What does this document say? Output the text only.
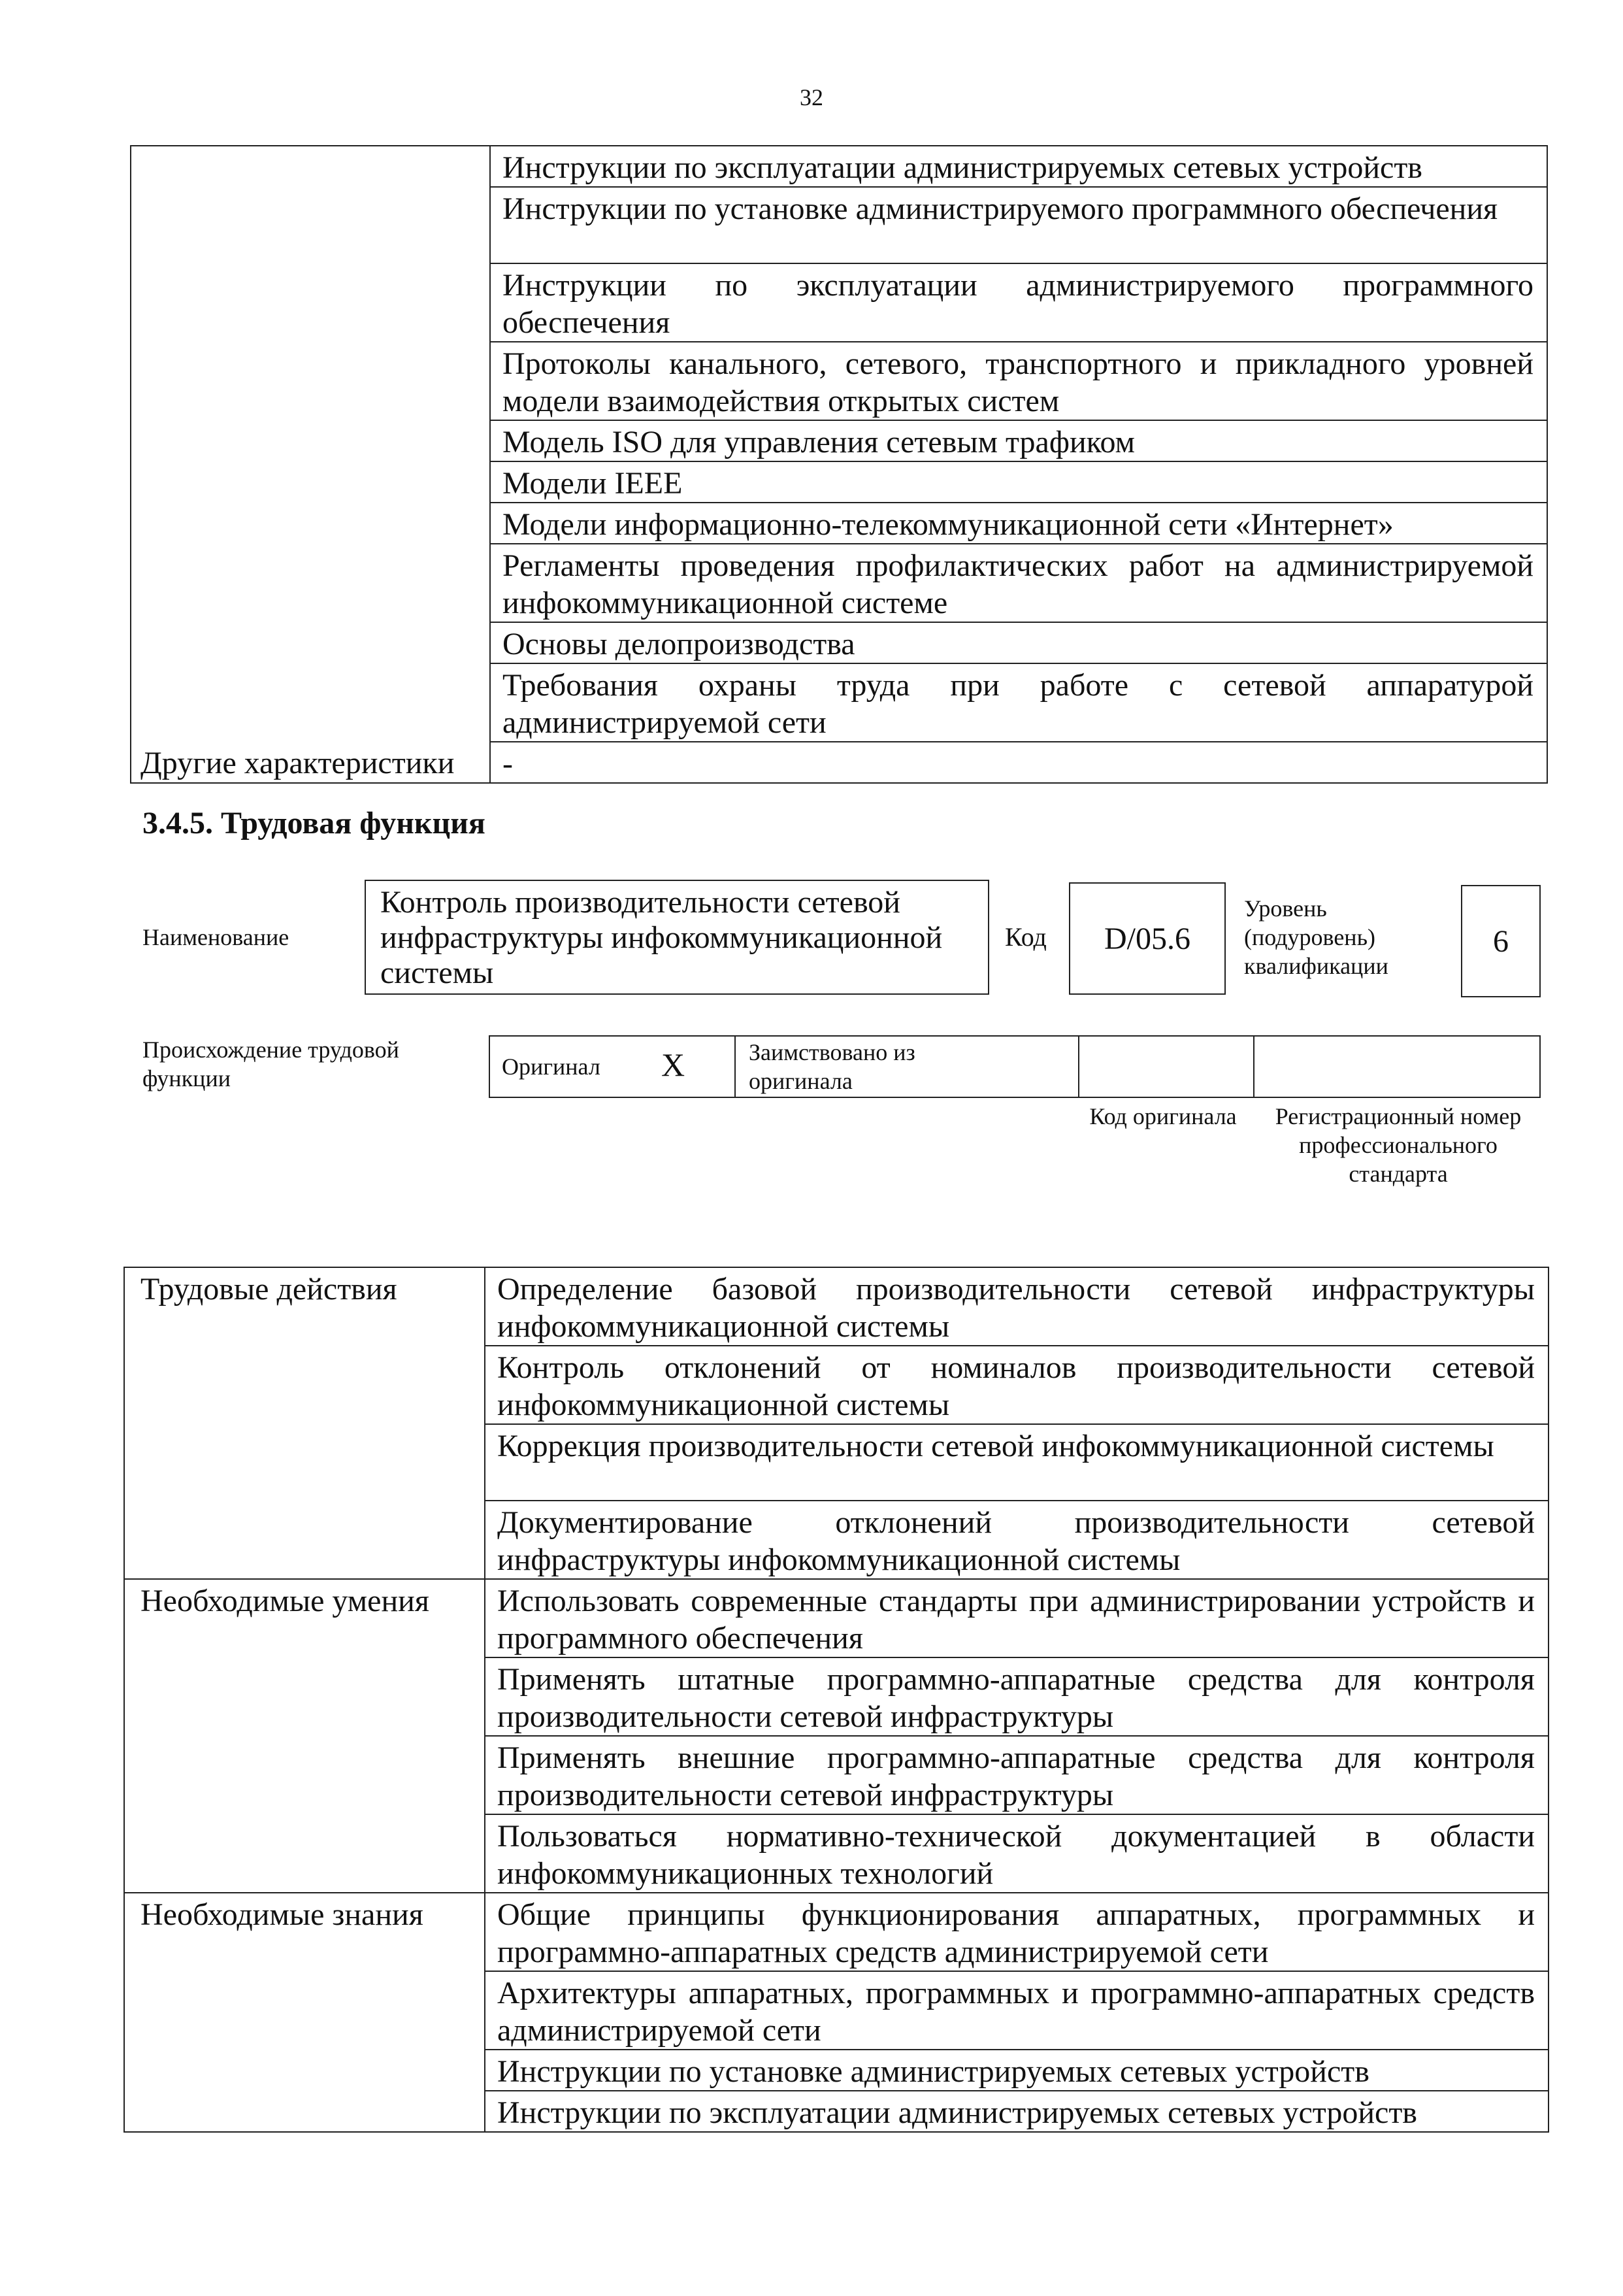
32
	Инструкции по эксплуатации администрируемых сетевых устройств
	Инструкции по установке администрируемого программного обеспечения
	Инструкции по эксплуатации администрируемого программного обеспечения
	Протоколы канального, сетевого, транспортного и прикладного уровней модели взаимодействия открытых систем
	Модель ISO для управления сетевым трафиком
	Модели IEEE
	Модели информационно-телекоммуникационной сети «Интернет»
	Регламенты проведения профилактических работ на администрируемой инфокоммуникационной системе
	Основы делопроизводства
	Требования охраны труда при работе с сетевой аппаратурой администрируемой сети
Другие характеристики	-
3.4.5. Трудовая функция
Наименование
Контроль производительности сетевой инфраструктуры инфокоммуникационной системы
Код D/05.6
Уровень (подуровень) квалификации
6
Происхождение трудовой функции	Оригинал X	Заимствовано из оригинала
Код оригинала	Регистрационный номер профессионального стандарта
Трудовые действия	Определение базовой производительности сетевой инфраструктуры инфокоммуникационной системы
	Контроль отклонений от номиналов производительности сетевой инфокоммуникационной системы
	Коррекция производительности сетевой инфокоммуникационной системы
	Документирование отклонений производительности сетевой инфраструктуры инфокоммуникационной системы
Необходимые умения	Использовать современные стандарты при администрировании устройств и программного обеспечения
	Применять штатные программно-аппаратные средства для контроля производительности сетевой инфраструктуры
	Применять внешние программно-аппаратные средства для контроля производительности сетевой инфраструктуры
	Пользоваться нормативно-технической документацией в области инфокоммуникационных технологий
Необходимые знания	Общие принципы функционирования аппаратных, программных и программно-аппаратных средств администрируемой сети
	Архитектуры аппаратных, программных и программно-аппаратных средств администрируемой сети
	Инструкции по установке администрируемых сетевых устройств
	Инструкции по эксплуатации администрируемых сетевых устройств
